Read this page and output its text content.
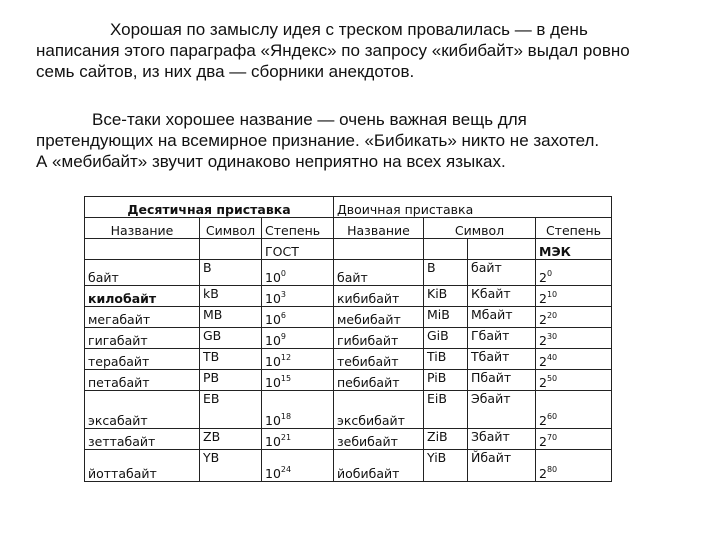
Хорошая по замыслу идея с треском провалилась — в день
написания этого параграфа «Яндекс» по запросу «кибибайт» выдал ровно
семь сайтов, из них два — сборники анекдотов.
Все-таки хорошее название — очень важная вещь для
претендующих на всемирное признание. «Бибикать» никто не захотел.
А «мебибайт» звучит одинаково неприятно на всех языках.
Десятичная приставка			Двоичная приставка			
Название	Символ	Степень	Название	Символ		Степень
		ГОСТ				МЭК
байт	B	$10^0$	байт	B	байт	$2^0$
килобайт	kB	$10^3$	кибибайт	KiB	Кбайт	$2^{10}$
мегабайт	MB	$10^6$	мебибайт	MiB	Мбайт	$2^{20}$
гигабайт	GB	$10^9$	гибибайт	GiB	Гбайт	$2^{30}$
терабайт	TB	$10^{12}$	тебибайт	TiB	Тбайт	$2^{40}$
петабайт	PB	$10^{15}$	пебибайт	PiB	Пбайт	$2^{50}$
эксабайт	EB	$10^{18}$	эксбибайт	EiB	Эбайт	$2^{60}$
зеттабайт	ZB	$10^{21}$	зебибайт	ZiB	Збайт	$2^{70}$
йоттабайт	YB	$10^{24}$	йобибайт	YiB	Йбайт	$2^{80}$
